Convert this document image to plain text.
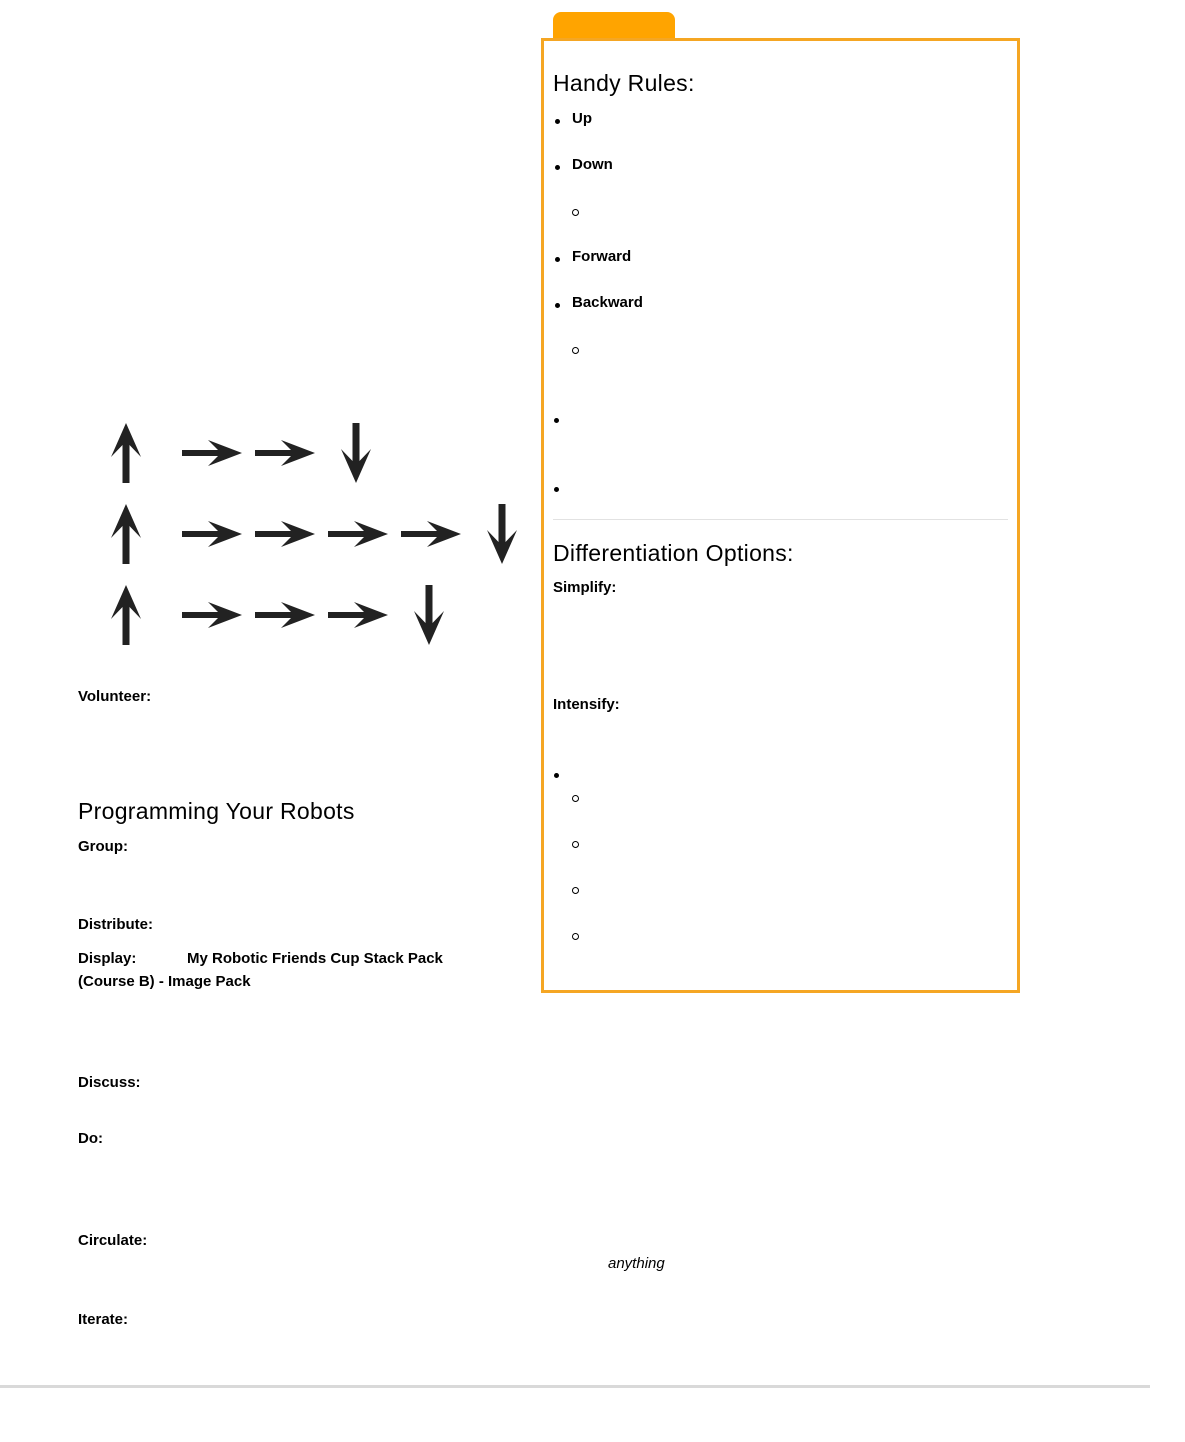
Volunteer:
Programming Your Robots
Group:
Distribute:
Display:	My Robotic Friends Cup Stack Pack
(Course B) - Image Pack
Discuss:
Do:
Circulate:
anything
Iterate:
Handy Rules:
Up
Down
Forward
Backward
Differentiation Options:
Simplify:
Intensify:
